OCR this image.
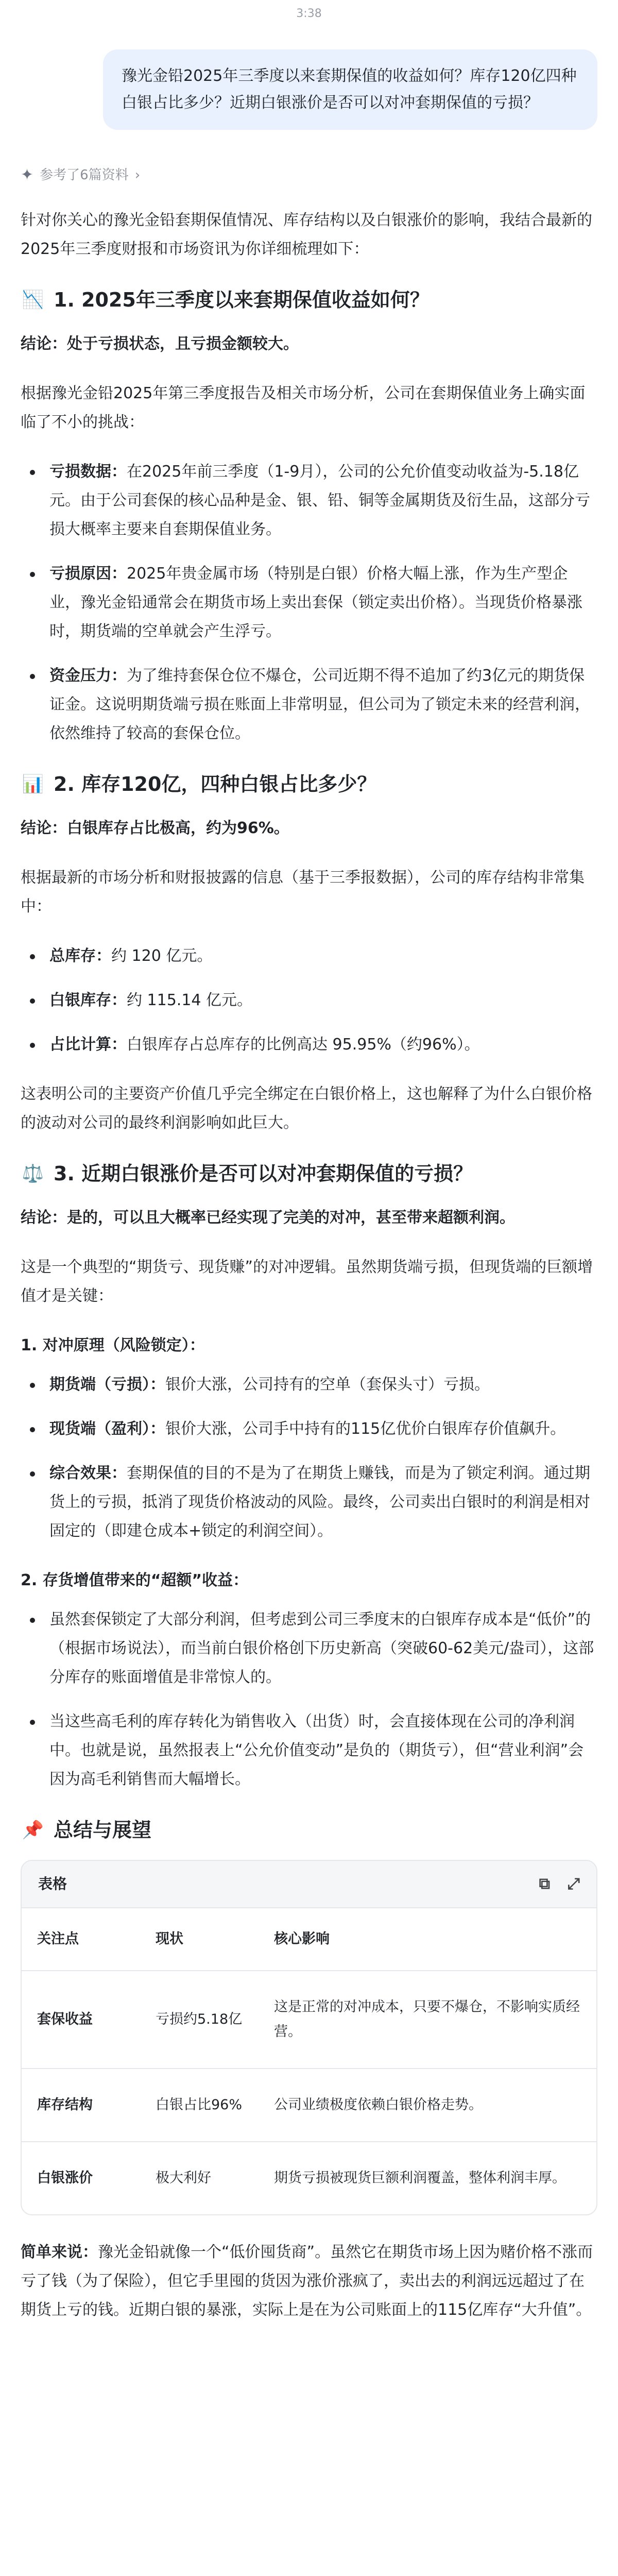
3:38
豫光金铅2025年三季度以来套期保值的收益如何？库存120亿四种白银占比多少？近期白银涨价是否可以对冲套期保值的亏损？
✦ 参考了6篇资料 ›

针对你关心的豫光金铅套期保值情况、库存结构以及白银涨价的影响，我结合最新的2025年三季度财报和市场资讯为你详细梳理如下：

📉 1. 2025年三季度以来套期保值收益如何？

结论：处于亏损状态，且亏损金额较大。

根据豫光金铅2025年第三季度报告及相关市场分析，公司在套期保值业务上确实面临了不小的挑战：

亏损数据：在2025年前三季度（1-9月），公司的公允价值变动收益为-5.18亿元。由于公司套保的核心品种是金、银、铅、铜等金属期货及衍生品，这部分亏损大概率主要来自套期保值业务。
亏损原因：2025年贵金属市场（特别是白银）价格大幅上涨，作为生产型企业，豫光金铅通常会在期货市场上卖出套保（锁定卖出价格）。当现货价格暴涨时，期货端的空单就会产生浮亏。
资金压力：为了维持套保仓位不爆仓，公司近期不得不追加了约3亿元的期货保证金。这说明期货端亏损在账面上非常明显，但公司为了锁定未来的经营利润，依然维持了较高的套保仓位。
📊 2. 库存120亿，四种白银占比多少？

结论：白银库存占比极高，约为96%。

根据最新的市场分析和财报披露的信息（基于三季报数据），公司的库存结构非常集中：

总库存：约 120 亿元。
白银库存：约 115.14 亿元。
占比计算：白银库存占总库存的比例高达 95.95%（约96%）。

这表明公司的主要资产价值几乎完全绑定在白银价格上，这也解释了为什么白银价格的波动对公司的最终利润影响如此巨大。

⚖️ 3. 近期白银涨价是否可以对冲套期保值的亏损？

结论：是的，可以且大概率已经实现了完美的对冲，甚至带来超额利润。

这是一个典型的“期货亏、现货赚”的对冲逻辑。虽然期货端亏损，但现货端的巨额增值才是关键：

1. 对冲原理（风险锁定）：

期货端（亏损）：银价大涨，公司持有的空单（套保头寸）亏损。
现货端（盈利）：银价大涨，公司手中持有的115亿优价白银库存价值飙升。
综合效果：套期保值的目的不是为了在期货上赚钱，而是为了锁定利润。通过期货上的亏损，抵消了现货价格波动的风险。最终，公司卖出白银时的利润是相对固定的（即建仓成本+锁定的利润空间）。

2. 存货增值带来的“超额”收益：

虽然套保锁定了大部分利润，但考虑到公司三季度末的白银库存成本是“低价”的（根据市场说法），而当前白银价格创下历史新高（突破60-62美元/盎司），这部分库存的账面增值是非常惊人的。
当这些高毛利的库存转化为销售收入（出货）时，会直接体现在公司的净利润中。也就是说，虽然报表上“公允价值变动”是负的（期货亏），但“营业利润”会因为高毛利销售而大幅增长。
📌 总结与展望
表格	⧉ ⤢
关注点	现状	核心影响
套保收益	亏损约5.18亿	这是正常的对冲成本，只要不爆仓，不影响实质经营。
库存结构	白银占比96%	公司业绩极度依赖白银价格走势。
白银涨价	极大利好	期货亏损被现货巨额利润覆盖，整体利润丰厚。

简单来说：豫光金铅就像一个“低价囤货商”。虽然它在期货市场上因为赌价格不涨而亏了钱（为了保险），但它手里囤的货因为涨价涨疯了，卖出去的利润远远超过了在期货上亏的钱。近期白银的暴涨，实际上是在为公司账面上的115亿库存“大升值”。
